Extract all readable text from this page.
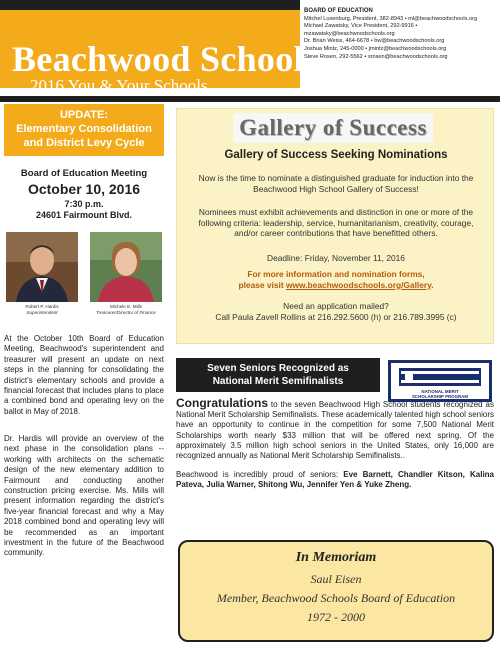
Beachwood Schools
2016 You & Your Schools
BOARD OF EDUCATION
Mitchel Luxenburg, President, 382-8943 • ml@beachwoodschools.org
Michael Zawatsky, Vice President, 292-9916 • mzawatsky@beachwoodschools.org
Dr. Brian Weiss, 464-6678 • bw@beachwoodschools.org
Joshua Mintz, 245-0000 • jmintz@beachwoodschools.org
Steve Rosen, 292-5562 • srosen@beachwoodschools.org
UPDATE:
Elementary Consolidation
and District Levy Cycle
Board of Education Meeting
October 10, 2016
7:30 p.m.
24601 Fairmount Blvd.
Robert P. Hardis
Superintendent
Michele E. Mills
Treasurer/Director of Finance
At the October 10th Board of Education Meeting, Beachwood's superintendent and treasurer will present an update on next steps in the planning for consolidating the district's elementary schools and provide a financial forecast that includes plans to place a combined bond and operating levy on the ballot in May of 2018.
Dr. Hardis will provide an overview of the next phase in the consolidation plans -- working with architects on the schematic design of the new elementary addition to Fairmount and conducting another construction pricing exercise. Ms. Mills will present information regarding the district's five-year financial forecast and why a May 2018 combined bond and operating levy will be recommended as an important investment in the future of the Beachwood community.
Gallery of Success
Gallery of Success Seeking Nominations
Now is the time to nominate a distinguished graduate for induction into the Beachwood High School Gallery of Success!
Nominees must exhibit achievements and distinction in one or more of the following criteria: leadership, service, humanitarianism, creativity, courage, and/or career contributions that have benefitted others.
Deadline: Friday, November 11, 2016
For more information and nomination forms,
please visit www.beachwoodschools.org/Gallery.
Need an application mailed?
Call Paula Zavell Rollins at 216.292.5600 (h) or 216.789.3995 (c)
Seven Seniors Recognized as
National Merit Semifinalists
NATIONAL MERIT
SCHOLARSHIP PROGRAM
Congratulations to the seven Beachwood High School students recognized as National Merit Scholarship Semifinalists. These academically talented high school seniors have an opportunity to continue in the competition for some 7,500 National Merit Scholarships worth nearly $33 million that will be offered next spring. Of the approximately 3.5 million high school seniors in the United States, only 16,000 are recognized annually as National Merit Scholarship Semifinalists..
Beachwood is incredibly proud of seniors: Eve Barnett, Chandler Kitson, Kalina Pateva, Julia Warner, Shitong Wu, Jennifer Yen & Yuke Zheng.
In Memoriam
Saul Eisen
Member, Beachwood Schools Board of Education
1972 - 2000
